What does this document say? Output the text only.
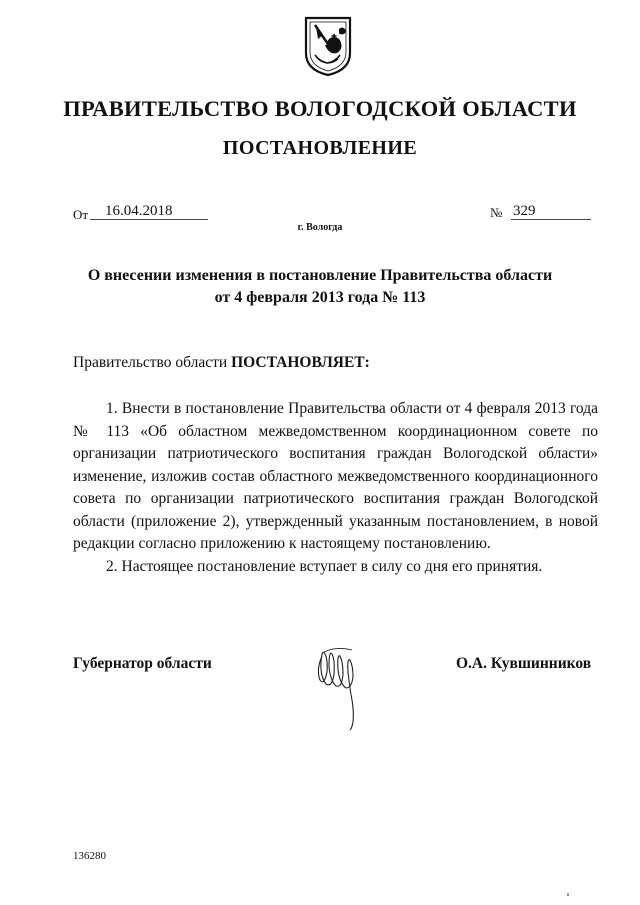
ПРАВИТЕЛЬСТВО ВОЛОГОДСКОЙ ОБЛАСТИ
ПОСТАНОВЛЕНИЕ
От	16.04.2018	№ 329
г. Вологда
О внесении изменения в постановление Правительства области
от 4 февраля 2013 года № 113
Правительство области ПОСТАНОВЛЯЕТ:

1. Внести в постановление Правительства области от 4 февраля 2013 года № 113 «Об областном межведомственном координационном совете по организации патриотического воспитания граждан Вологодской области» изменение, изложив состав областного межведомственного координационного совета по организации патриотического воспитания граждан Вологодской области (приложение 2), утвержденный указанным постановлением, в новой редакции согласно приложению к настоящему постановлению.

2. Настоящее постановление вступает в силу со дня его принятия.

Губернатор области	О.А. Кувшинников
136280
